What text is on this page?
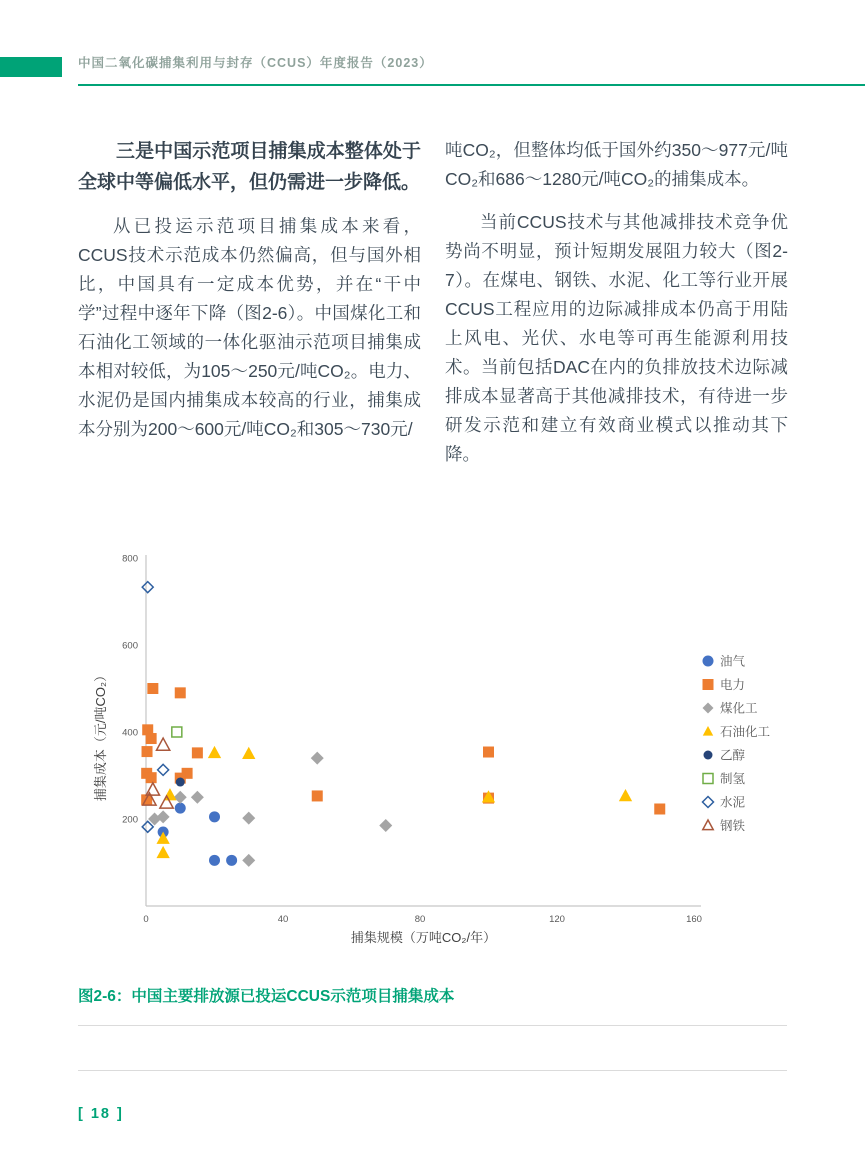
中国二氧化碳捕集利用与封存（CCUS）年度报告（2023）

三是中国示范项目捕集成本整体处于全球中等偏低水平，但仍需进一步降低。

从已投运示范项目捕集成本来看，CCUS技术示范成本仍然偏高，但与国外相比，中国具有一定成本优势，并在“干中学”过程中逐年下降（图2-6）。中国煤化工和石油化工领域的一体化驱油示范项目捕集成本相对较低，为105～250元/吨CO₂。电力、水泥仍是国内捕集成本较高的行业，捕集成本分别为200～600元/吨CO₂和305～730元/

吨CO₂，但整体均低于国外约350～977元/吨CO₂和686～1280元/吨CO₂的捕集成本。

当前CCUS技术与其他减排技术竞争优势尚不明显，预计短期发展阻力较大（图2-7）。在煤电、钢铁、水泥、化工等行业开展CCUS工程应用的边际减排成本仍高于用陆上风电、光伏、水电等可再生能源利用技术。当前包括DAC在内的负排放技术边际减排成本显著高于其他减排技术，有待进一步研发示范和建立有效商业模式以推动其下降。

200
400
600
800
0	40	80	120	160
捕集规模（万吨CO₂/年）
捕集成本（元/吨CO₂）
油气
电力
煤化工
石油化工
乙醇
制氢
水泥
钢铁
图2-6：中国主要排放源已投运CCUS示范项目捕集成本
[ 18 ]
